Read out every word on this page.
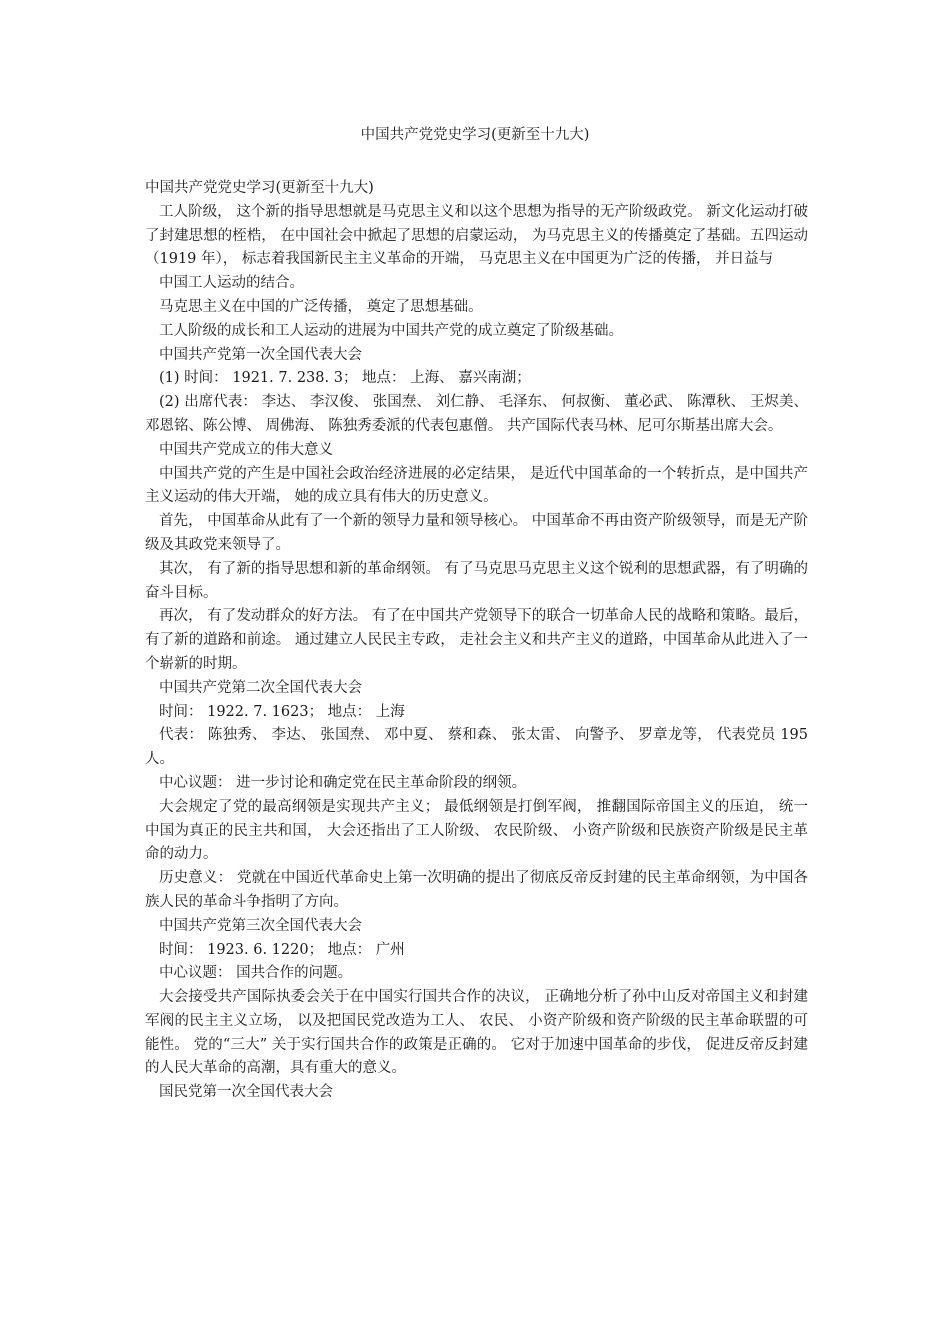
中国共产党党史学习(更新至十九大)

中国共产党党史学习(更新至十九大)

工人阶级， 这个新的指导思想就是马克思主义和以这个思想为指导的无产阶级政党。 新文化运动打破了封建思想的桎梏， 在中国社会中掀起了思想的启蒙运动， 为马克思主义的传播奠定了基础。五四运动（1919 年）， 标志着我国新民主主义革命的开端， 马克思主义在中国更为广泛的传播， 并日益与

中国工人运动的结合。

马克思主义在中国的广泛传播， 奠定了思想基础。

工人阶级的成长和工人运动的进展为中国共产党的成立奠定了阶级基础。

中国共产党第一次全国代表大会

(1) 时间： 1921. 7. 238. 3； 地点： 上海、 嘉兴南湖；

(2) 出席代表： 李达、 李汉俊、 张国焘、 刘仁静、 毛泽东、 何叔衡、 董必武、 陈潭秋、 王烬美、 邓恩铭、陈公博、 周佛海、 陈独秀委派的代表包惠僧。 共产国际代表马林、尼可尔斯基出席大会。

中国共产党成立的伟大意义

中国共产党的产生是中国社会政治经济进展的必定结果， 是近代中国革命的一个转折点，是中国共产主义运动的伟大开端， 她的成立具有伟大的历史意义。

首先， 中国革命从此有了一个新的领导力量和领导核心。 中国革命不再由资产阶级领导，而是无产阶级及其政党来领导了。

其次， 有了新的指导思想和新的革命纲领。 有了马克思马克思主义这个锐利的思想武器，有了明确的奋斗目标。

再次， 有了发动群众的好方法。 有了在中国共产党领导下的联合一切革命人民的战略和策略。最后， 有了新的道路和前途。 通过建立人民民主专政， 走社会主义和共产主义的道路，中国革命从此进入了一个崭新的时期。

中国共产党第二次全国代表大会

时间： 1922. 7. 1623； 地点： 上海

代表： 陈独秀、 李达、 张国焘、 邓中夏、 蔡和森、 张太雷、 向警予、 罗章龙等， 代表党员 195 人。

中心议题： 进一步讨论和确定党在民主革命阶段的纲领。

大会规定了党的最高纲领是实现共产主义； 最低纲领是打倒军阀， 推翻国际帝国主义的压迫， 统一中国为真正的民主共和国， 大会还指出了工人阶级、 农民阶级、 小资产阶级和民族资产阶级是民主革命的动力。

历史意义： 党就在中国近代革命史上第一次明确的提出了彻底反帝反封建的民主革命纲领，为中国各族人民的革命斗争指明了方向。

中国共产党第三次全国代表大会

时间： 1923. 6. 1220； 地点： 广州

中心议题： 国共合作的问题。

大会接受共产国际执委会关于在中国实行国共合作的决议， 正确地分析了孙中山反对帝国主义和封建军阀的民主主义立场， 以及把国民党改造为工人、 农民、 小资产阶级和资产阶级的民主革命联盟的可能性。 党的“三大” 关于实行国共合作的政策是正确的。 它对于加速中国革命的步伐， 促进反帝反封建的人民大革命的高潮，具有重大的意义。

国民党第一次全国代表大会
